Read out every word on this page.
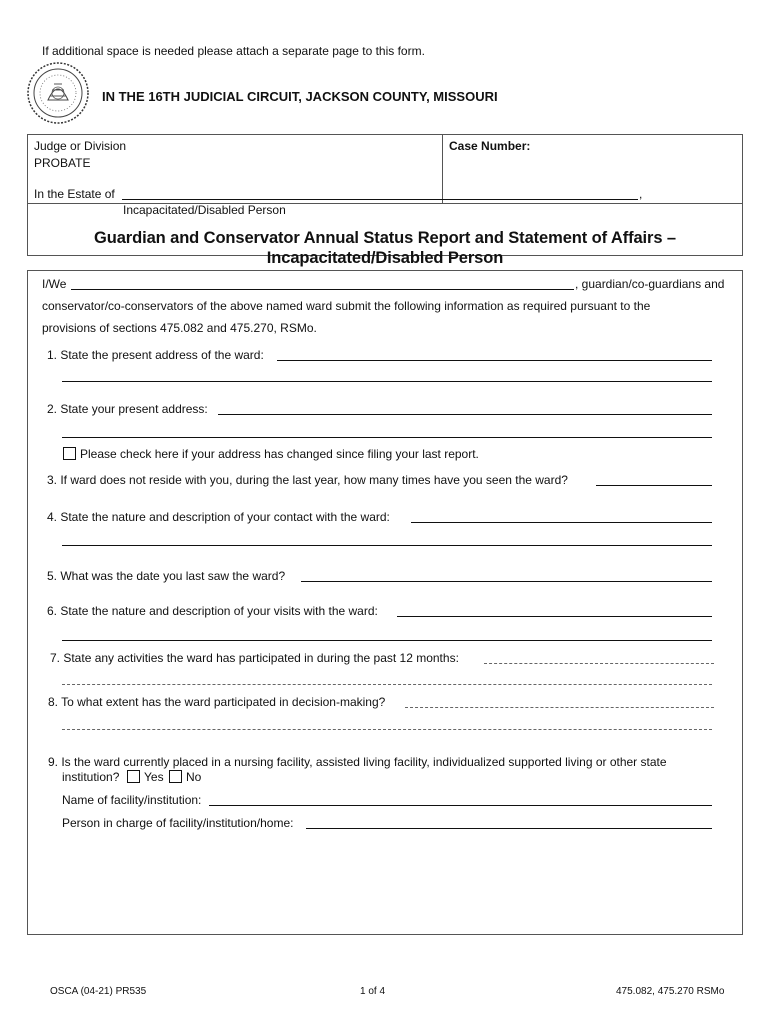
If additional space is needed please attach a separate page to this form.
IN THE 16TH JUDICIAL CIRCUIT, JACKSON COUNTY, MISSOURI
Judge or Division
PROBATE
Case Number:
In the Estate of	,
Incapacitated/Disabled Person
Guardian and Conservator Annual Status Report and Statement of Affairs –
Incapacitated/Disabled Person
I/We	, guardian/co-guardians and
conservator/co-conservators of the above named ward submit the following information as required pursuant to the
provisions of sections 475.082 and 475.270, RSMo.
1. State the present address of the ward:
2. State your present address:
Please check here if your address has changed since filing your last report.
3. If ward does not reside with you, during the last year, how many times have you seen the ward?
4. State the nature and description of your contact with the ward:
5. What was the date you last saw the ward?
6. State the nature and description of your visits with the ward:
7. State any activities the ward has participated in during the past 12 months:
8. To what extent has the ward participated in decision-making?
9. Is the ward currently placed in a nursing facility, assisted living facility, individualized supported living or other state
institution? Yes No
Name of facility/institution:
Person in charge of facility/institution/home:
OSCA (04-21) PR535	1 of 4	475.082, 475.270 RSMo
